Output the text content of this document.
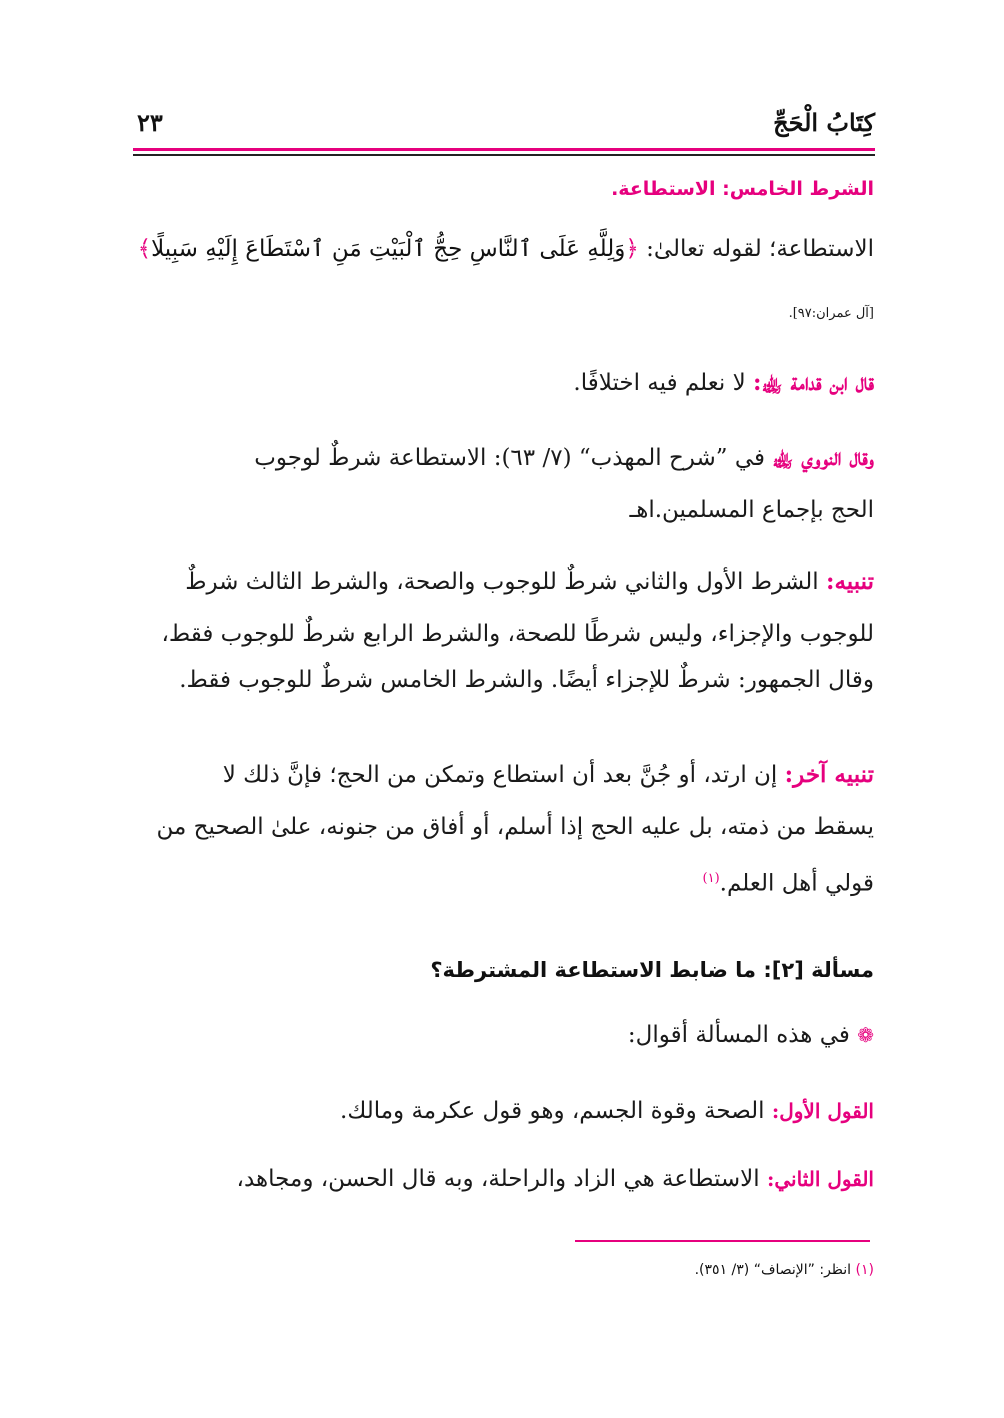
كِتَابُ الْحَجِّ
٢٣
الشرط الخامس: الاستطاعة.
الاستطاعة؛ لقوله تعالىٰ: ﴿وَلِلَّهِ عَلَى ٱلنَّاسِ حِجُّ ٱلْبَيْتِ مَنِ ٱسْتَطَاعَ إِلَيْهِ سَبِيلًا﴾
[آل عمران:٩٧].
قال ابن قدامة ﵀: لا نعلم فيه اختلافًا.
وقال النووي ﵀ في ”شرح المهذب“ (٧/ ٦٣): الاستطاعة شرطٌ لوجوب
الحج بإجماع المسلمين.اهـ
تنبيه: الشرط الأول والثاني شرطٌ للوجوب والصحة، والشرط الثالث شرطٌ
للوجوب والإجزاء، وليس شرطًا للصحة، والشرط الرابع شرطٌ للوجوب فقط،
وقال الجمهور: شرطٌ للإجزاء أيضًا. والشرط الخامس شرطٌ للوجوب فقط.
تنبيه آخر: إن ارتد، أو جُنَّ بعد أن استطاع وتمكن من الحج؛ فإنَّ ذلك لا
يسقط من ذمته، بل عليه الحج إذا أسلم، أو أفاق من جنونه، علىٰ الصحيح من
قولي أهل العلم.$^{(١)}$
مسألة [٢]: ما ضابط الاستطاعة المشترطة؟
❁ في هذه المسألة أقوال:
القول الأول: الصحة وقوة الجسم، وهو قول عكرمة ومالك.
القول الثاني: الاستطاعة هي الزاد والراحلة، وبه قال الحسن، ومجاهد،
(١) انظر: ”الإنصاف“ (٣/ ٣٥١).
